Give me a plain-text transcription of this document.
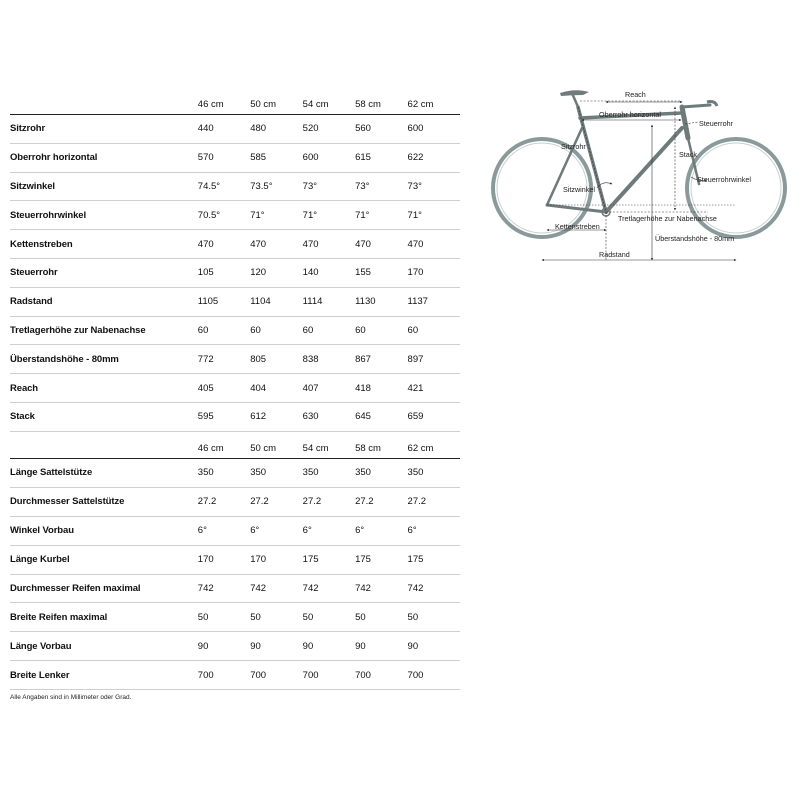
	46 cm	50 cm	54 cm	58 cm	62 cm
Sitzrohr	440	480	520	560	600
Oberrohr horizontal	570	585	600	615	622
Sitzwinkel	74.5°	73.5°	73°	73°	73°
Steuerrohrwinkel	70.5°	71°	71°	71°	71°
Kettenstreben	470	470	470	470	470
Steuerrohr	105	120	140	155	170
Radstand	1105	1104	1114	1130	1137
Tretlagerhöhe zur Nabenachse	60	60	60	60	60
Überstandshöhe - 80mm	772	805	838	867	897
Reach	405	404	407	418	421
Stack	595	612	630	645	659
	46 cm	50 cm	54 cm	58 cm	62 cm
Länge Sattelstütze	350	350	350	350	350
Durchmesser Sattelstütze	27.2	27.2	27.2	27.2	27.2
Winkel Vorbau	6°	6°	6°	6°	6°
Länge Kurbel	170	170	175	175	175
Durchmesser Reifen maximal	742	742	742	742	742
Breite Reifen maximal	50	50	50	50	50
Länge Vorbau	90	90	90	90	90
Breite Lenker	700	700	700	700	700
Alle Angaben sind in Millimeter oder Grad.
Reach
Oberrohr horizontal
Steuerrohr
Sitzrohr
Stack
Steuerrohrwinkel
Sitzwinkel
Tretlagerhöhe zur Nabenachse
Kettenstreben
Überstandshöhe - 80mm
Radstand
